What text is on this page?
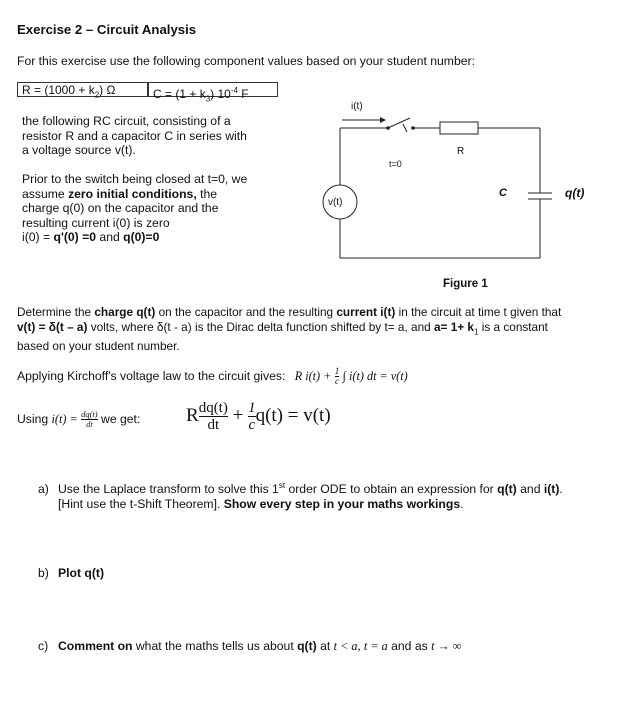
Exercise 2 – Circuit Analysis
For this exercise use the following component values based on your student number:
$R = (1000 + k_2)$ Ω	$C = (1 + k_3)$ $10^{-4}$ F
the following RC circuit, consisting of a
resistor R and a capacitor C in series with
a voltage source v(t).
Prior to the switch being closed at t=0, we
assume zero initial conditions, the
charge q(0) on the capacitor and the
resulting current i(0) is zero
i(0) = q'(0) =0 and q(0)=0
i(t)
t=0
R
C	q(t)
v(t)
Figure 1
Determine the charge q(t) on the capacitor and the resulting current i(t) in the circuit at time t given that
v(t) = δ(t – a) volts, where δ(t - a) is the Dirac delta function shifted by t= a, and $a= 1+ k_1$ is a constant
based on your student number.
Applying Kirchoff's voltage law to the circuit gives: R $i(t) + \frac{1}{c}$ ∫ i(t) dt = v(t)
Using $i(t) = \frac{dq(t)}{dt}$ we get: R $\frac{dq(t)}{dt} + \frac{1}{c} q(t) = v(t)$
a) Use the Laplace transform to solve this 1st order ODE to obtain an expression for q(t) and i(t).
[Hint use the t-Shift Theorem]. Show every step in your maths workings.
b) Plot q(t)
c) Comment on what the maths tells us about q(t) at t < a, t = a and as t → ∞
